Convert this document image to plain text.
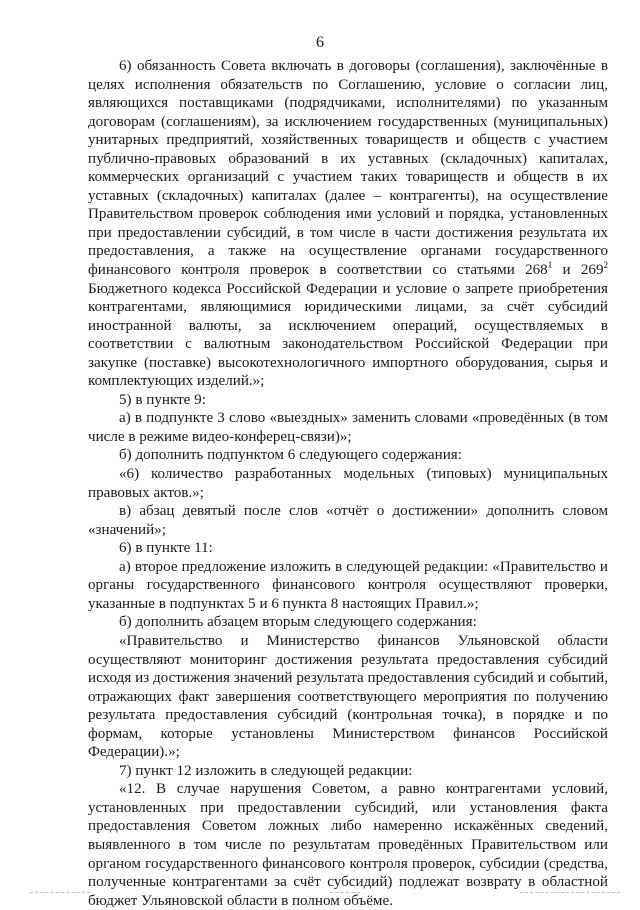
6

6) обязанность Совета включать в договоры (соглашения), заключённые в целях исполнения обязательств по Соглашению, условие о согласии лиц, являющихся поставщиками (подрядчиками, исполнителями) по указанным договорам (соглашениям), за исключением государственных (муниципальных) унитарных предприятий, хозяйственных товариществ и обществ с участием публично-правовых образований в их уставных (складочных) капиталах, коммерческих организаций с участием таких товариществ и обществ в их уставных (складочных) капиталах (далее – контрагенты), на осуществление Правительством проверок соблюдения ими условий и порядка, установленных при предоставлении субсидий, в том числе в части достижения результата их предоставления, а также на осуществление органами государственного финансового контроля проверок в соответствии со статьями $268^1$ и $269^2$ Бюджетного кодекса Российской Федерации и условие о запрете приобретения контрагентами, являющимися юридическими лицами, за счёт субсидий иностранной валюты, за исключением операций, осуществляемых в соответствии с валютным законодательством Российской Федерации при закупке (поставке) высокотехнологичного импортного оборудования, сырья и комплектующих изделий.»;

5) в пункте 9:

а) в подпункте 3 слово «выездных» заменить словами «проведённых (в том числе в режиме видео-конферец-связи)»;

б) дополнить подпунктом 6 следующего содержания:

«6) количество разработанных модельных (типовых) муниципальных правовых актов.»;

в) абзац девятый после слов «отчёт о достижении» дополнить словом «значений»;

6) в пункте 11:

а) второе предложение изложить в следующей редакции: «Правительство и органы государственного финансового контроля осуществляют проверки, указанные в подпунктах 5 и 6 пункта 8 настоящих Правил.»;

б) дополнить абзацем вторым следующего содержания:

«Правительство и Министерство финансов Ульяновской области осуществляют мониторинг достижения результата предоставления субсидий исходя из достижения значений результата предоставления субсидий и событий, отражающих факт завершения соответствующего мероприятия по получению результата предоставления субсидий (контрольная точка), в порядке и по формам, которые установлены Министерством финансов Российской Федерации).»;

7) пункт 12 изложить в следующей редакции:

«12. В случае нарушения Советом, а равно контрагентами условий, установленных при предоставлении субсидий, или установления факта предоставления Советом ложных либо намеренно искажённых сведений, выявленного в том числе по результатам проведённых Правительством или органом государственного финансового контроля проверок, субсидии (средства, полученные контрагентами за счёт субсидий) подлежат возврату в областной бюджет Ульяновской области в полном объёме.
